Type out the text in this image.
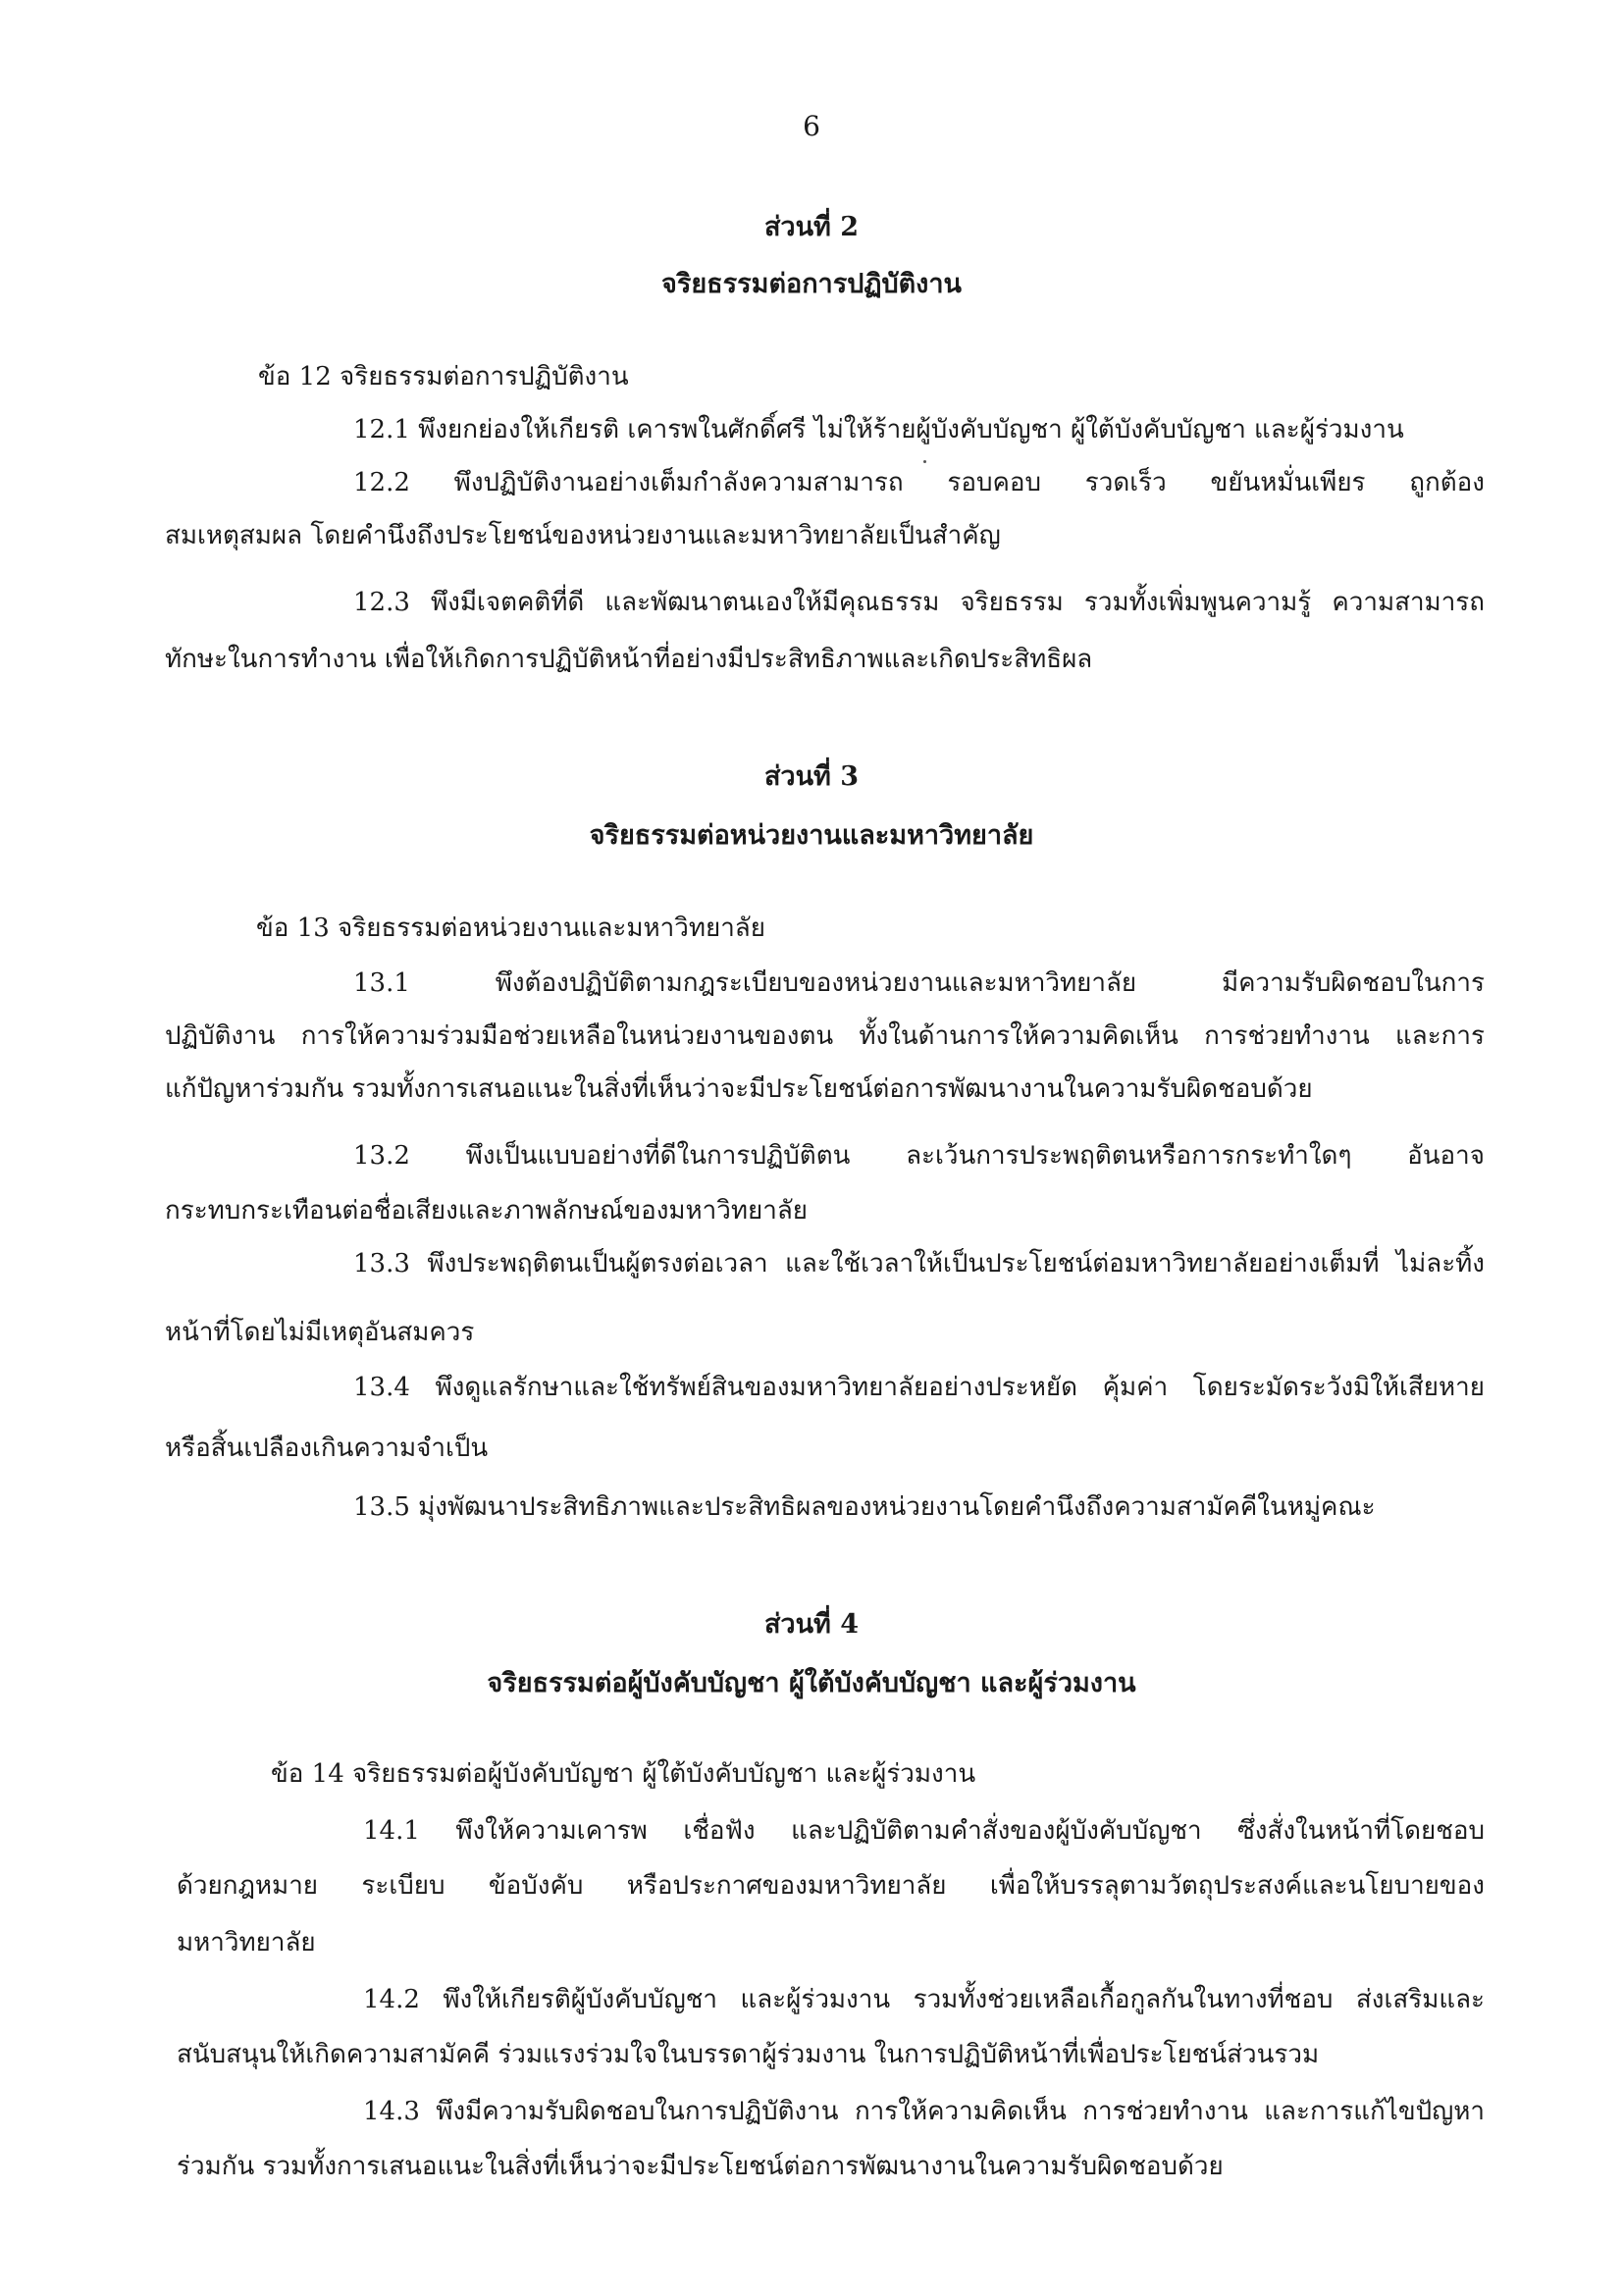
6
ส่วนที่ 2
จริยธรรมต่อการปฏิบัติงาน
ข้อ 12 จริยธรรมต่อการปฏิบัติงาน
12.1 พึงยกย่องให้เกียรติ เคารพในศักดิ์ศรี ไม่ให้ร้ายผู้บังคับบัญชา ผู้ใต้บังคับบัญชา และผู้ร่วมงาน
12.2 พึงปฏิบัติงานอย่างเต็มกำลังความสามารถ รอบคอบ รวดเร็ว ขยันหมั่นเพียร ถูกต้อง
สมเหตุสมผล โดยคำนึงถึงประโยชน์ของหน่วยงานและมหาวิทยาลัยเป็นสำคัญ
12.3 พึงมีเจตคติที่ดี และพัฒนาตนเองให้มีคุณธรรม จริยธรรม รวมทั้งเพิ่มพูนความรู้ ความสามารถ
ทักษะในการทำงาน เพื่อให้เกิดการปฏิบัติหน้าที่อย่างมีประสิทธิภาพและเกิดประสิทธิผล
ส่วนที่ 3
จริยธรรมต่อหน่วยงานและมหาวิทยาลัย
ข้อ 13 จริยธรรมต่อหน่วยงานและมหาวิทยาลัย
13.1 พึงต้องปฏิบัติตามกฎระเบียบของหน่วยงานและมหาวิทยาลัย มีความรับผิดชอบในการ
ปฏิบัติงาน การให้ความร่วมมือช่วยเหลือในหน่วยงานของตน ทั้งในด้านการให้ความคิดเห็น การช่วยทำงาน และการ
แก้ปัญหาร่วมกัน รวมทั้งการเสนอแนะในสิ่งที่เห็นว่าจะมีประโยชน์ต่อการพัฒนางานในความรับผิดชอบด้วย
13.2 พึงเป็นแบบอย่างที่ดีในการปฏิบัติตน ละเว้นการประพฤติตนหรือการกระทำใดๆ อันอาจ
กระทบกระเทือนต่อชื่อเสียงและภาพลักษณ์ของมหาวิทยาลัย
13.3 พึงประพฤติตนเป็นผู้ตรงต่อเวลา และใช้เวลาให้เป็นประโยชน์ต่อมหาวิทยาลัยอย่างเต็มที่ ไม่ละทิ้ง
หน้าที่โดยไม่มีเหตุอันสมควร
13.4 พึงดูแลรักษาและใช้ทรัพย์สินของมหาวิทยาลัยอย่างประหยัด คุ้มค่า โดยระมัดระวังมิให้เสียหาย
หรือสิ้นเปลืองเกินความจำเป็น
13.5 มุ่งพัฒนาประสิทธิภาพและประสิทธิผลของหน่วยงานโดยคำนึงถึงความสามัคคีในหมู่คณะ
ส่วนที่ 4
จริยธรรมต่อผู้บังคับบัญชา ผู้ใต้บังคับบัญชา และผู้ร่วมงาน
ข้อ 14 จริยธรรมต่อผู้บังคับบัญชา ผู้ใต้บังคับบัญชา และผู้ร่วมงาน
14.1 พึงให้ความเคารพ เชื่อฟัง และปฏิบัติตามคำสั่งของผู้บังคับบัญชา ซึ่งสั่งในหน้าที่โดยชอบ
ด้วยกฎหมาย ระเบียบ ข้อบังคับ หรือประกาศของมหาวิทยาลัย เพื่อให้บรรลุตามวัตถุประสงค์และนโยบายของ
มหาวิทยาลัย
14.2 พึงให้เกียรติผู้บังคับบัญชา และผู้ร่วมงาน รวมทั้งช่วยเหลือเกื้อกูลกันในทางที่ชอบ ส่งเสริมและ
สนับสนุนให้เกิดความสามัคคี ร่วมแรงร่วมใจในบรรดาผู้ร่วมงาน ในการปฏิบัติหน้าที่เพื่อประโยชน์ส่วนรวม
14.3 พึงมีความรับผิดชอบในการปฏิบัติงาน การให้ความคิดเห็น การช่วยทำงาน และการแก้ไขปัญหา
ร่วมกัน รวมทั้งการเสนอแนะในสิ่งที่เห็นว่าจะมีประโยชน์ต่อการพัฒนางานในความรับผิดชอบด้วย
